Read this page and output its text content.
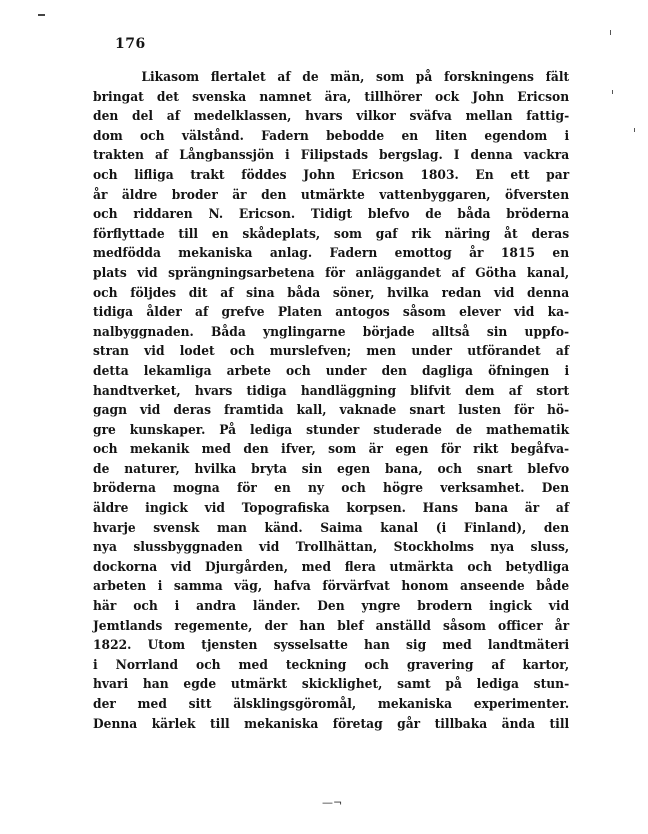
176
Likasom flertalet af de män, som på forskningens fält
bringat det svenska namnet ära, tillhörer ock John Ericson
den del af medelklassen, hvars vilkor sväfva mellan fattig-
dom och välstånd. Fadern bebodde en liten egendom i
trakten af Långbanssjön i Filipstads bergslag. I denna vackra
och lifliga trakt föddes John Ericson 1803. En ett par
år äldre broder är den utmärkte vattenbyggaren, öfversten
och riddaren N. Ericson. Tidigt blefvo de båda bröderna
förflyttade till en skådeplats, som gaf rik näring åt deras
medfödda mekaniska anlag. Fadern emottog år 1815 en
plats vid sprängningsarbetena för anläggandet af Götha kanal,
och följdes dit af sina båda söner, hvilka redan vid denna
tidiga ålder af grefve Platen antogos såsom elever vid ka-
nalbyggnaden. Båda ynglingarne började alltså sin uppfo-
stran vid lodet och murslefven; men under utförandet af
detta lekamliga arbete och under den dagliga öfningen i
handtverket, hvars tidiga handläggning blifvit dem af stort
gagn vid deras framtida kall, vaknade snart lusten för hö-
gre kunskaper. På lediga stunder studerade de mathematik
och mekanik med den ifver, som är egen för rikt begåfva-
de naturer, hvilka bryta sin egen bana, och snart blefvo
bröderna mogna för en ny och högre verksamhet. Den
äldre ingick vid Topografiska korpsen. Hans bana är af
hvarje svensk man känd. Saima kanal (i Finland), den
nya slussbyggnaden vid Trollhättan, Stockholms nya sluss,
dockorna vid Djurgården, med flera utmärkta och betydliga
arbeten i samma väg, hafva förvärfvat honom anseende både
här och i andra länder. Den yngre brodern ingick vid
Jemtlands regemente, der han blef anställd såsom officer år
1822. Utom tjensten sysselsatte han sig med landtmäteri
i Norrland och med teckning och gravering af kartor,
hvari han egde utmärkt skicklighet, samt på lediga stun-
der med sitt älsklingsgöromål, mekaniska experimenter.
Denna kärlek till mekaniska företag går tillbaka ända till
—¬
